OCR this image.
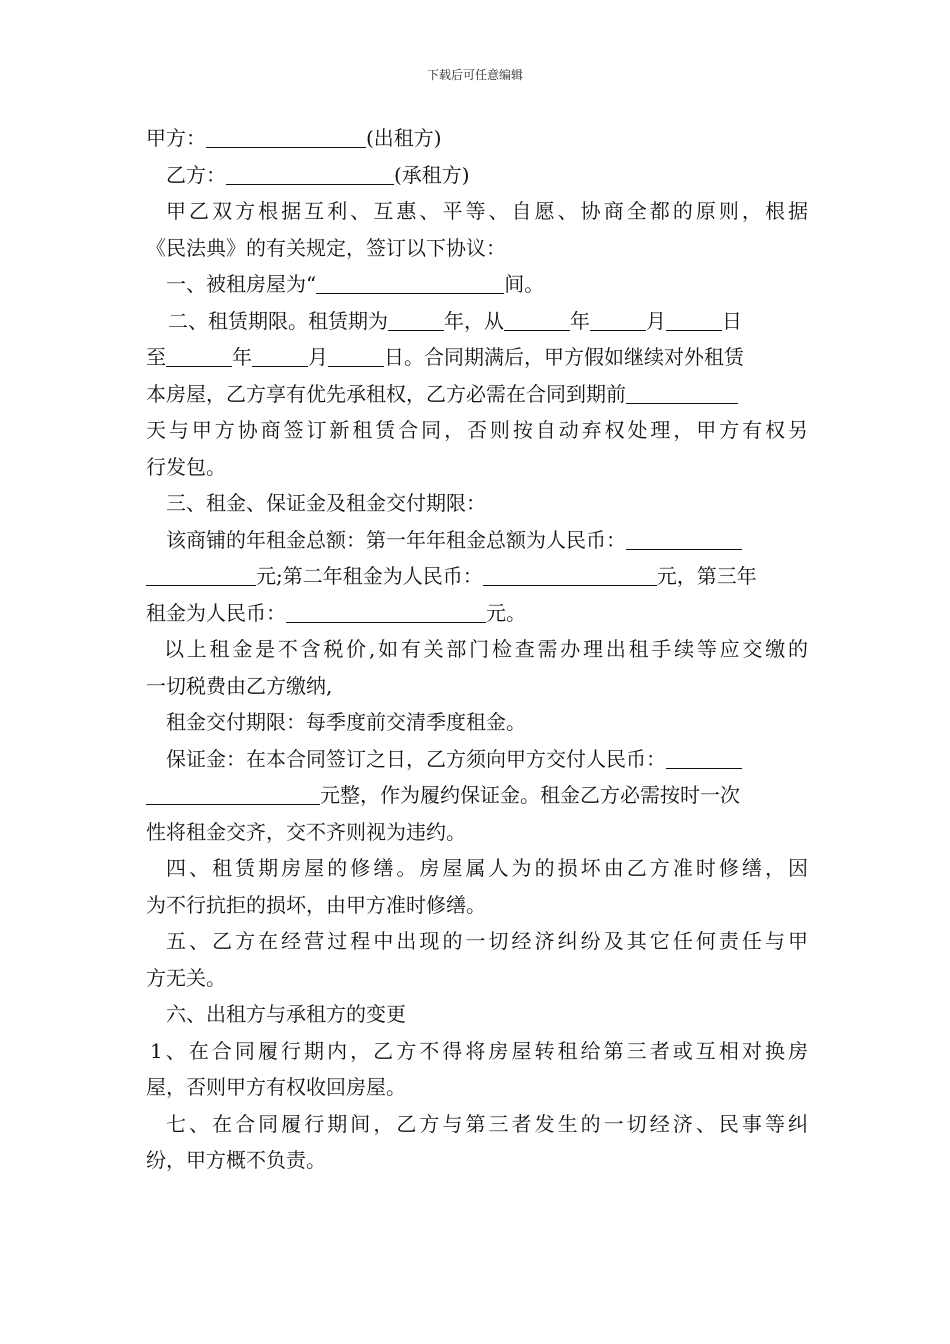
下载后可任意编辑
甲方：	(出租方)
乙方：	(承租方)
甲乙双方根据互利、互惠、平等、自愿、协商全都的原则，根据
《民法典》的有关规定，签订以下协议：
一、被租房屋为“	间。
二、租赁期限。租赁期为	年，从	年	月	日
至	年	月	日。合同期满后，甲方假如继续对外租赁
本房屋，乙方享有优先承租权，乙方必需在合同到期前
天与甲方协商签订新租赁合同，否则按自动弃权处理，甲方有权另
行发包。
三、租金、保证金及租金交付期限：
该商铺的年租金总额：第一年年租金总额为人民币：
元;第二年租金为人民币：	元，第三年
租金为人民币：	元。
以上租金是不含税价,如有关部门检查需办理出租手续等应交缴的
一切税费由乙方缴纳,
租金交付期限：每季度前交清季度租金。
保证金：在本合同签订之日，乙方须向甲方交付人民币：
元整，作为履约保证金。租金乙方必需按时一次
性将租金交齐，交不齐则视为违约。
四、租赁期房屋的修缮。房屋属人为的损坏由乙方准时修缮，因
为不行抗拒的损坏，由甲方准时修缮。
五、乙方在经营过程中出现的一切经济纠纷及其它任何责任与甲
方无关。
六、出租方与承租方的变更
1、在合同履行期内，乙方不得将房屋转租给第三者或互相对换房
屋，否则甲方有权收回房屋。
七、在合同履行期间，乙方与第三者发生的一切经济、民事等纠
纷，甲方概不负责。
